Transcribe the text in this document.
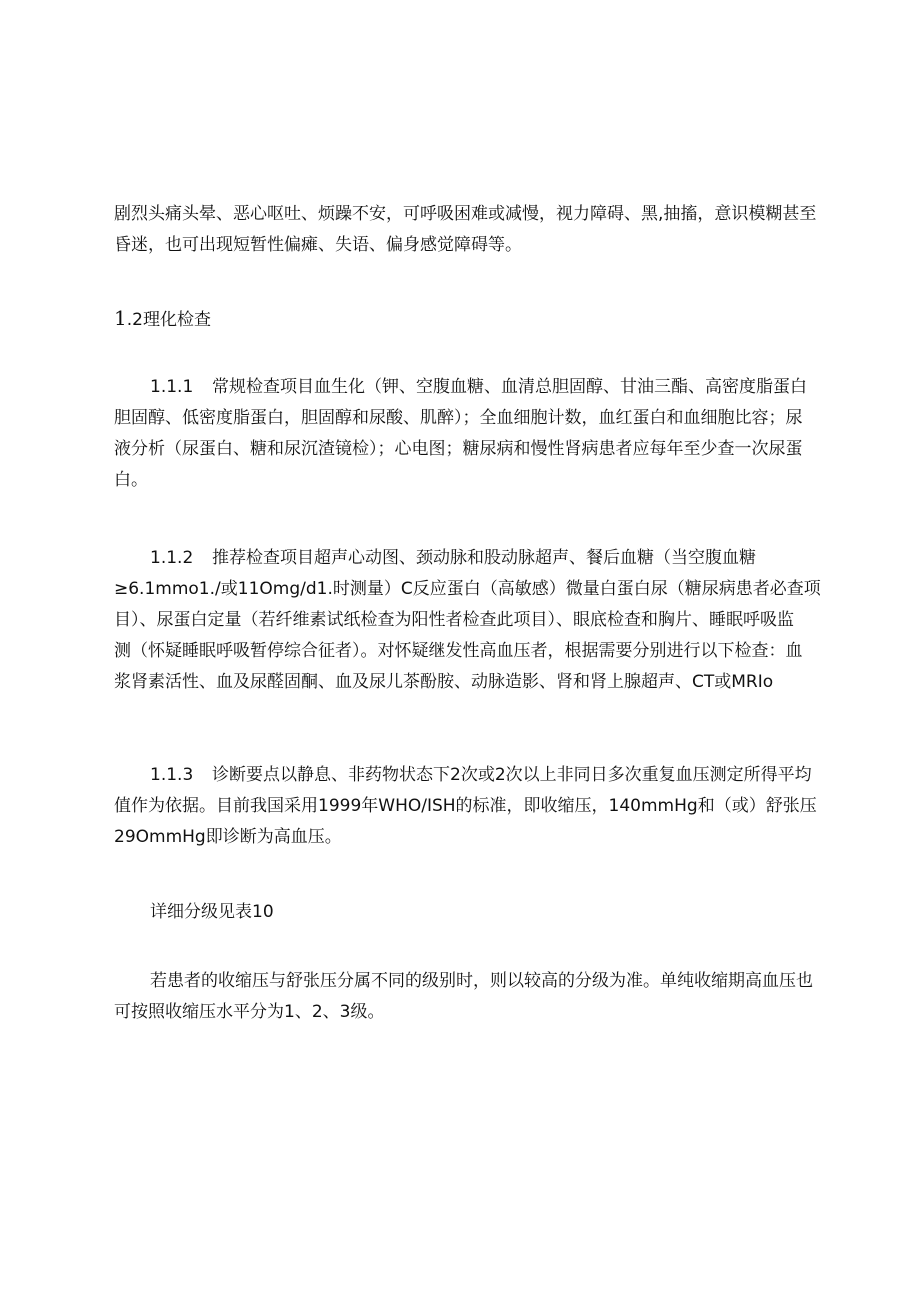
剧烈头痛头晕、恶心呕吐、烦躁不安，可呼吸困难或减慢，视力障碍、黑,抽搐，意识模糊甚至
昏迷，也可出现短暂性偏瘫、失语、偏身感觉障碍等。

1.2理化检查

1.1.1 常规检查项目血生化（钾、空腹血糖、血清总胆固醇、甘油三酯、高密度脂蛋白
胆固醇、低密度脂蛋白，胆固醇和尿酸、肌醉）；全血细胞计数，血红蛋白和血细胞比容；尿
液分析（尿蛋白、糖和尿沉渣镜检）；心电图；糖尿病和慢性肾病患者应每年至少查一次尿蛋
白。

1.1.2 推荐检查项目超声心动图、颈动脉和股动脉超声、餐后血糖（当空腹血糖
≥6.1mmo1./或11Omg∕d1.时测量）C反应蛋白（高敏感）微量白蛋白尿（糖尿病患者必查项
目）、尿蛋白定量（若纤维素试纸检查为阳性者检查此项目）、眼底检查和胸片、睡眠呼吸监
测（怀疑睡眠呼吸暂停综合征者）。对怀疑继发性高血压者，根据需要分别进行以下检查：血
浆肾素活性、血及尿醛固酮、血及尿儿茶酚胺、动脉造影、肾和肾上腺超声、CT或MRIo

1.1.3 诊断要点以静息、非药物状态下2次或2次以上非同日多次重复血压测定所得平均
值作为依据。目前我国采用1999年WHO/ISH的标准，即收缩压，140mmHg和（或）舒张压
29OmmHg即诊断为高血压。

详细分级见表10

若患者的收缩压与舒张压分属不同的级别时，则以较高的分级为准。单纯收缩期高血压也
可按照收缩压水平分为1、2、3级。
